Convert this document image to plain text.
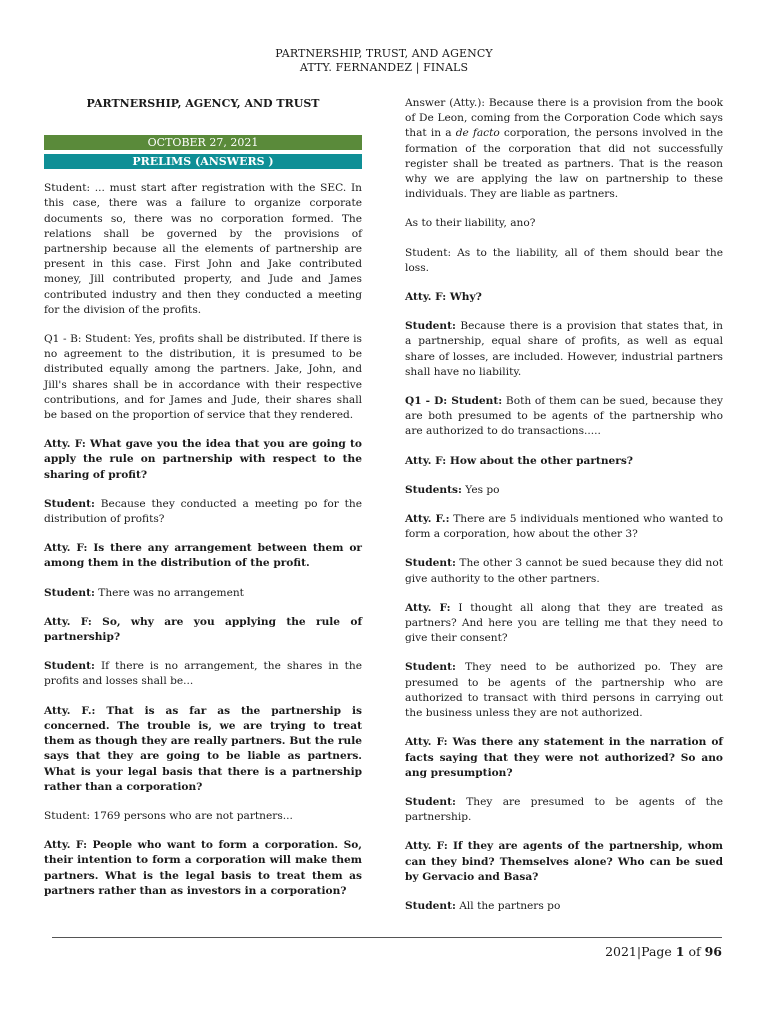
PARTNERSHIP, TRUST, AND AGENCY
ATTY. FERNANDEZ | FINALS
PARTNERSHIP, AGENCY, AND TRUST
OCTOBER 27, 2021
PRELIMS (ANSWERS )

Student: ... must start after registration with the SEC. In this case, there was a failure to organize corporate documents so, there was no corporation formed. The relations shall be governed by the provisions of partnership because all the elements of partnership are present in this case. First John and Jake contributed money, Jill contributed property, and Jude and James contributed industry and then they conducted a meeting for the division of the profits.

Q1 - B: Student: Yes, profits shall be distributed. If there is no agreement to the distribution, it is presumed to be distributed equally among the partners. Jake, John, and Jill's shares shall be in accordance with their respective contributions, and for James and Jude, their shares shall be based on the proportion of service that they rendered.

Atty. F: What gave you the idea that you are going to apply the rule on partnership with respect to the sharing of profit?

Student: Because they conducted a meeting po for the distribution of profits?

Atty. F: Is there any arrangement between them or among them in the distribution of the profit.

Student: There was no arrangement

Atty. F: So, why are you applying the rule of partnership?

Student: If there is no arrangement, the shares in the profits and losses shall be...

Atty. F.: That is as far as the partnership is concerned. The trouble is, we are trying to treat them as though they are really partners. But the rule says that they are going to be liable as partners. What is your legal basis that there is a partnership rather than a corporation?

Student: 1769 persons who are not partners...

Atty. F: People who want to form a corporation. So, their intention to form a corporation will make them partners. What is the legal basis to treat them as partners rather than as investors in a corporation?

Answer (Atty.): Because there is a provision from the book of De Leon, coming from the Corporation Code which says that in a de facto corporation, the persons involved in the formation of the corporation that did not successfully register shall be treated as partners. That is the reason why we are applying the law on partnership to these individuals. They are liable as partners.

As to their liability, ano?

Student: As to the liability, all of them should bear the loss.

Atty. F: Why?

Student: Because there is a provision that states that, in a partnership, equal share of profits, as well as equal share of losses, are included. However, industrial partners shall have no liability.

Q1 - D: Student: Both of them can be sued, because they are both presumed to be agents of the partnership who are authorized to do transactions.....

Atty. F: How about the other partners?

Students: Yes po

Atty. F.: There are 5 individuals mentioned who wanted to form a corporation, how about the other 3?

Student: The other 3 cannot be sued because they did not give authority to the other partners.

Atty. F: I thought all along that they are treated as partners? And here you are telling me that they need to give their consent?

Student: They need to be authorized po. They are presumed to be agents of the partnership who are authorized to transact with third persons in carrying out the business unless they are not authorized.

Atty. F: Was there any statement in the narration of facts saying that they were not authorized? So ano ang presumption?

Student: They are presumed to be agents of the partnership.

Atty. F: If they are agents of the partnership, whom can they bind? Themselves alone? Who can be sued by Gervacio and Basa?

Student: All the partners po

2021|Page 1 of 96
